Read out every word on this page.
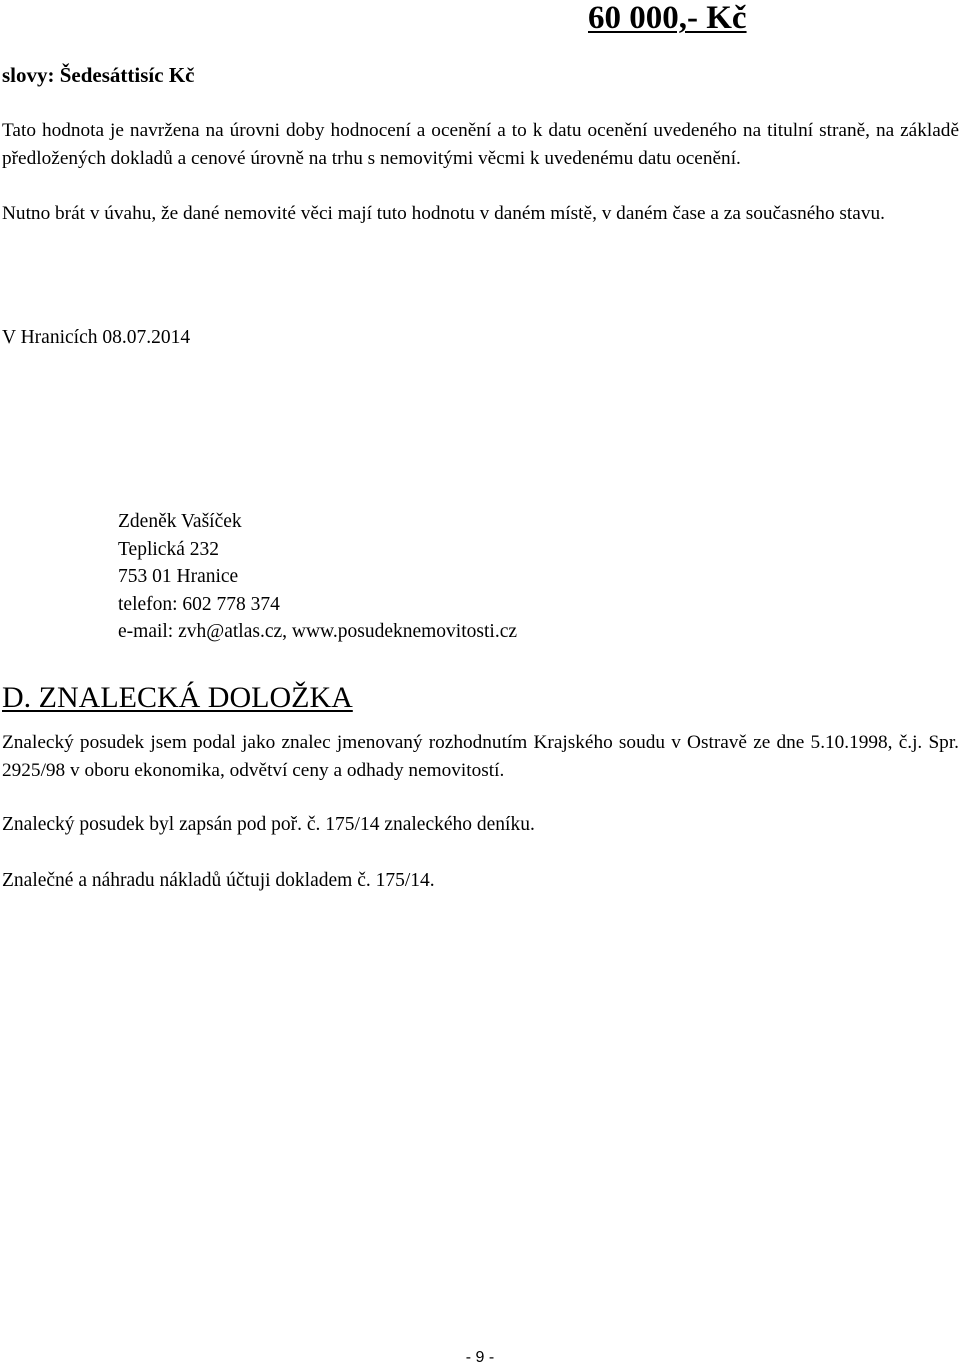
60 000,- Kč
slovy: Šedesáttisíc Kč

Tato hodnota je navržena na úrovni doby hodnocení a ocenění a to k datu ocenění uvedeného na titulní straně, na základě předložených dokladů a cenové úrovně na trhu s nemovitými věcmi k uvedenému datu ocenění.

Nutno brát v úvahu, že dané nemovité věci mají tuto hodnotu v daném místě, v daném čase a za současného stavu.

V Hranicích 08.07.2014
Zdeněk Vašíček
Teplická 232
753 01 Hranice
telefon: 602 778 374
e-mail: zvh@atlas.cz, www.posudeknemovitosti.cz
D. ZNALECKÁ DOLOŽKA

Znalecký posudek jsem podal jako znalec jmenovaný rozhodnutím Krajského soudu v Ostravě ze dne 5.10.1998, č.j. Spr. 2925/98 v oboru ekonomika, odvětví ceny a odhady nemovitostí.

Znalecký posudek byl zapsán pod poř. č. 175/14 znaleckého deníku.
Znalečné a náhradu nákladů účtuji dokladem č. 175/14.
- 9 -
